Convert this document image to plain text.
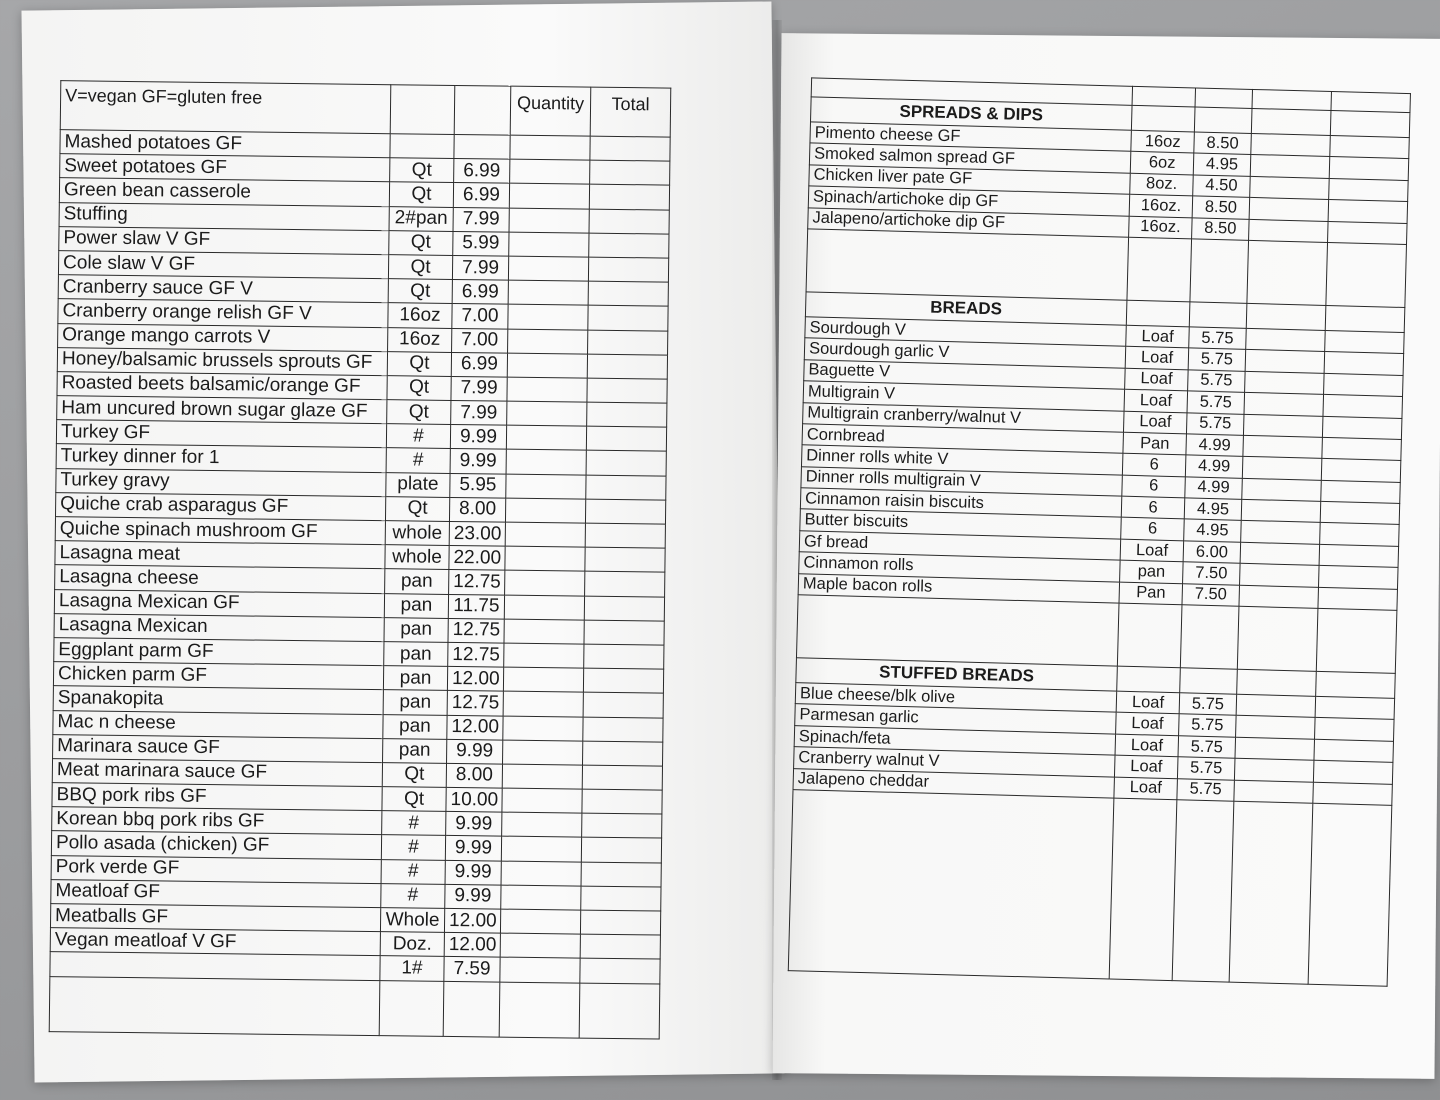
V=vegan GF=gluten free			Quantity	Total
Mashed potatoes GF				
Sweet potatoes GF	Qt	6.99		
Green bean casserole	Qt	6.99		
Stuffing	2#pan	7.99		
Power slaw V GF	Qt	5.99		
Cole slaw V GF	Qt	7.99		
Cranberry sauce GF V	Qt	6.99		
Cranberry orange relish GF V	16oz	7.00		
Orange mango carrots V	16oz	7.00		
Honey/balsamic brussels sprouts GF	Qt	6.99		
Roasted beets balsamic/orange GF	Qt	7.99		
Ham uncured brown sugar glaze GF	Qt	7.99		
Turkey GF	#	9.99		
Turkey dinner for 1	#	9.99		
Turkey gravy	plate	5.95		
Quiche crab asparagus GF	Qt	8.00		
Quiche spinach mushroom GF	whole	23.00		
Lasagna meat	whole	22.00		
Lasagna cheese	pan	12.75		
Lasagna Mexican GF	pan	11.75		
Lasagna Mexican	pan	12.75		
Eggplant parm GF	pan	12.75		
Chicken parm GF	pan	12.00		
Spanakopita	pan	12.75		
Mac n cheese	pan	12.00		
Marinara sauce GF	pan	9.99		
Meat marinara sauce GF	Qt	8.00		
BBQ pork ribs GF	Qt	10.00		
Korean bbq pork ribs GF	#	9.99		
Pollo asada (chicken) GF	#	9.99		
Pork verde GF	#	9.99		
Meatloaf GF	#	9.99		
Meatballs GF	Whole	12.00		
Vegan meatloaf V GF	Doz.	12.00		
	1#	7.59		

SPREADS & DIPS				
Pimento cheese GF	16oz	8.50		
Smoked salmon spread GF	6oz	4.95		
Chicken liver pate GF	8oz.	4.50		
Spinach/artichoke dip GF	16oz.	8.50		
Jalapeno/artichoke dip GF	16oz.	8.50		

BREADS				
Sourdough V	Loaf	5.75		
Sourdough garlic V	Loaf	5.75		
Baguette V	Loaf	5.75		
Multigrain V	Loaf	5.75		
Multigrain cranberry/walnut V	Loaf	5.75		
Cornbread	Pan	4.99		
Dinner rolls white V	6	4.99		
Dinner rolls multigrain V	6	4.99		
Cinnamon raisin biscuits	6	4.95		
Butter biscuits	6	4.95		
Gf bread	Loaf	6.00		
Cinnamon rolls	pan	7.50		
Maple bacon rolls	Pan	7.50		

STUFFED BREADS				
Blue cheese/blk olive	Loaf	5.75		
Parmesan garlic	Loaf	5.75		
Spinach/feta	Loaf	5.75		
Cranberry walnut V	Loaf	5.75		
Jalapeno cheddar	Loaf	5.75		
